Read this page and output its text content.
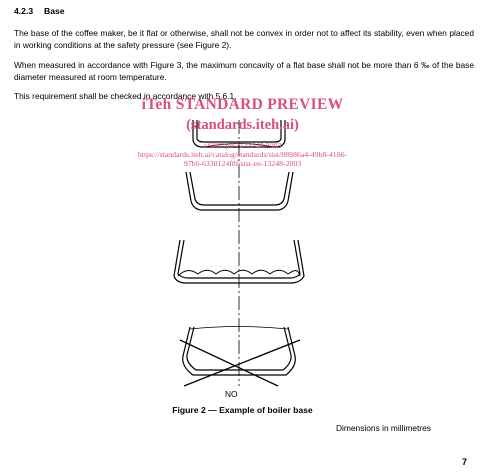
4.2.3 Base
The base of the coffee maker, be it flat or otherwise, shall not be convex in order not to affect its stability, even when placed in working conditions at the safety pressure (see Figure 2).
When measured in accordance with Figure 3, the maximum concavity of a flat base shall not be more than 6 ‰ of the base diameter measured at room temperature.
This requirement shall be checked in accordance with 5.6.1.
iTeh STANDARD PREVIEW
(standards.iteh.ai)
oSIST prEN 13248:2003
https://standards.iteh.ai/catalog/standards/sist/88986a4-49b8-4186-
97b6-6338124f8f/sist-en-13248-2003
NO
Figure 2 — Example of boiler base
Dimensions in millimetres
7
